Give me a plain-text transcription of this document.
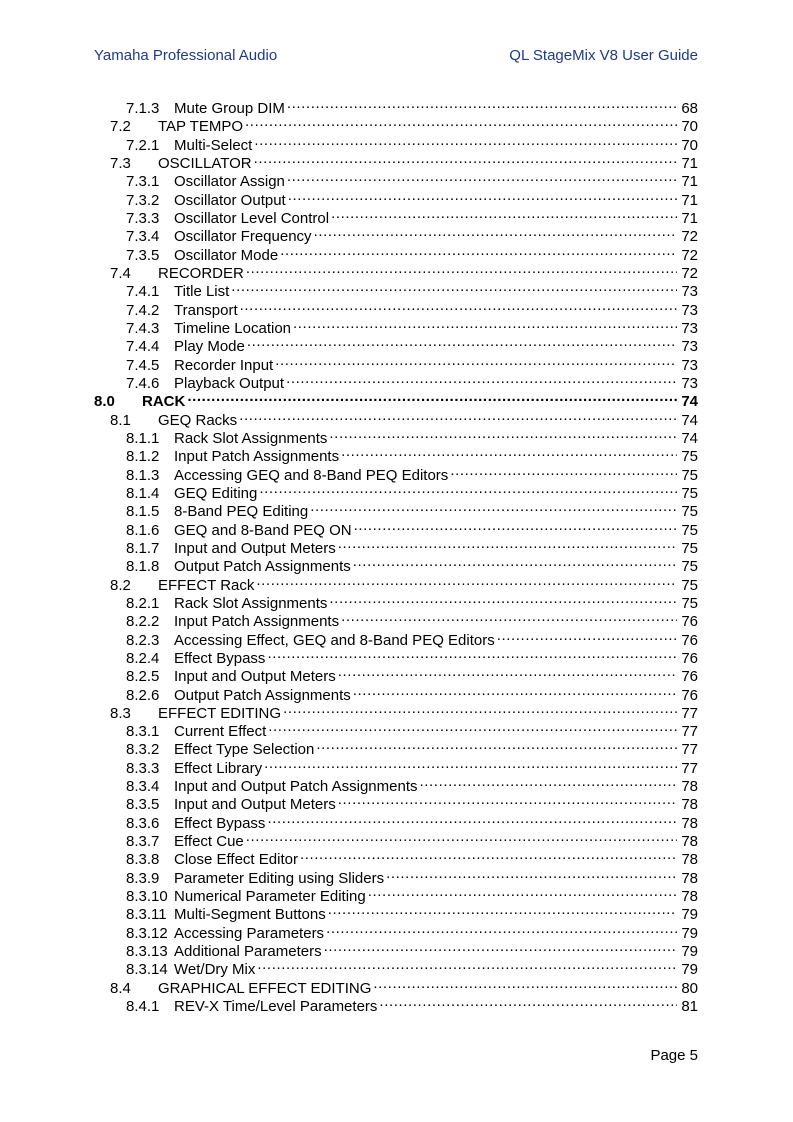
Yamaha Professional Audio	QL StageMix V8 User Guide
7.1.3 Mute Group DIM .....	68
7.2	TAP TEMPO .....	70
7.2.1 Multi-Select .....	70
7.3	OSCILLATOR .....	71
7.3.1 Oscillator Assign .....	71
7.3.2 Oscillator Output .....	71
7.3.3 Oscillator Level Control .....	71
7.3.4 Oscillator Frequency .....	72
7.3.5 Oscillator Mode .....	72
7.4	RECORDER .....	72
7.4.1 Title List .....	73
7.4.2 Transport .....	73
7.4.3 Timeline Location .....	73
7.4.4 Play Mode .....	73
7.4.5 Recorder Input .....	73
7.4.6 Playback Output .....	73
8.0	RACK .....	74
8.1	GEQ Racks .....	74
8.1.1 Rack Slot Assignments .....	74
8.1.2 Input Patch Assignments .....	75
8.1.3 Accessing GEQ and 8-Band PEQ Editors .....	75
8.1.4 GEQ Editing .....	75
8.1.5 8-Band PEQ Editing .....	75
8.1.6 GEQ and 8-Band PEQ ON .....	75
8.1.7 Input and Output Meters .....	75
8.1.8 Output Patch Assignments .....	75
8.2	EFFECT Rack .....	75
8.2.1 Rack Slot Assignments .....	75
8.2.2 Input Patch Assignments .....	76
8.2.3 Accessing Effect, GEQ and 8-Band PEQ Editors .....	76
8.2.4 Effect Bypass .....	76
8.2.5 Input and Output Meters .....	76
8.2.6 Output Patch Assignments .....	76
8.3	EFFECT EDITING .....	77
8.3.1 Current Effect .....	77
8.3.2 Effect Type Selection .....	77
8.3.3 Effect Library .....	77
8.3.4 Input and Output Patch Assignments .....	78
8.3.5 Input and Output Meters .....	78
8.3.6 Effect Bypass .....	78
8.3.7 Effect Cue .....	78
8.3.8 Close Effect Editor .....	78
8.3.9 Parameter Editing using Sliders .....	78
8.3.10 Numerical Parameter Editing .....	78
8.3.11 Multi-Segment Buttons .....	79
8.3.12 Accessing Parameters .....	79
8.3.13 Additional Parameters .....	79
8.3.14 Wet/Dry Mix .....	79
8.4	GRAPHICAL EFFECT EDITING .....	80
8.4.1 REV-X Time/Level Parameters .....	81
Page 5
